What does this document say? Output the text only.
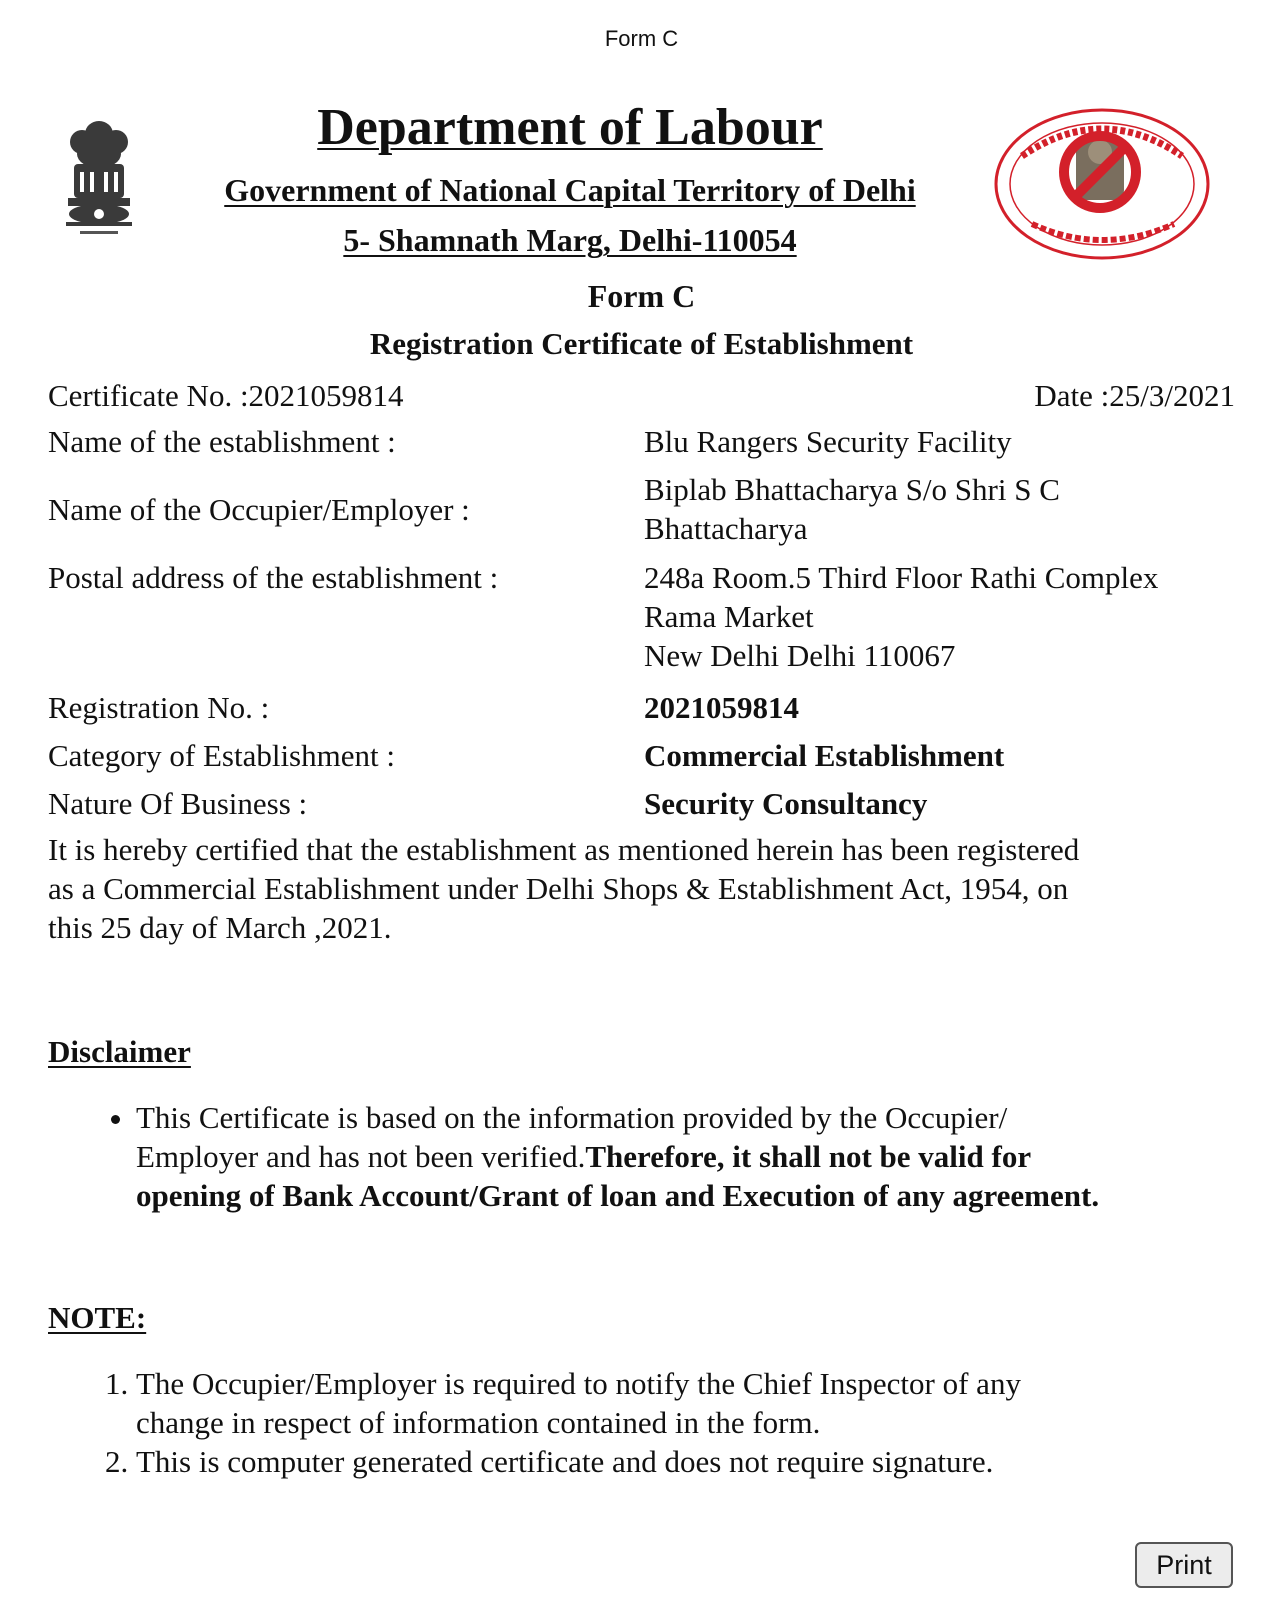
Form C
Department of Labour
Government of National Capital Territory of Delhi
5- Shamnath Marg, Delhi-110054
Form C
Registration Certificate of Establishment
Certificate No. :2021059814	Date :25/3/2021
Name of the establishment :	Blu Rangers Security Facility
Name of the Occupier/Employer :
Biplab Bhattacharya S/o Shri S C
Bhattacharya
Postal address of the establishment :	248a Room.5 Third Floor Rathi Complex
Rama Market
New Delhi Delhi 110067
Registration No. :	2021059814
Category of Establishment :	Commercial Establishment
Nature Of Business :	Security Consultancy
It is hereby certified that the establishment as mentioned herein has been registered
as a Commercial Establishment under Delhi Shops & Establishment Act, 1954, on
this 25 day of March ,2021.
Disclaimer
• This Certificate is based on the information provided by the Occupier/
Employer and has not been verified.Therefore, it shall not be valid for
opening of Bank Account/Grant of loan and Execution of any agreement.
NOTE:
1. The Occupier/Employer is required to notify the Chief Inspector of any
change in respect of information contained in the form.
2. This is computer generated certificate and does not require signature.
Print
